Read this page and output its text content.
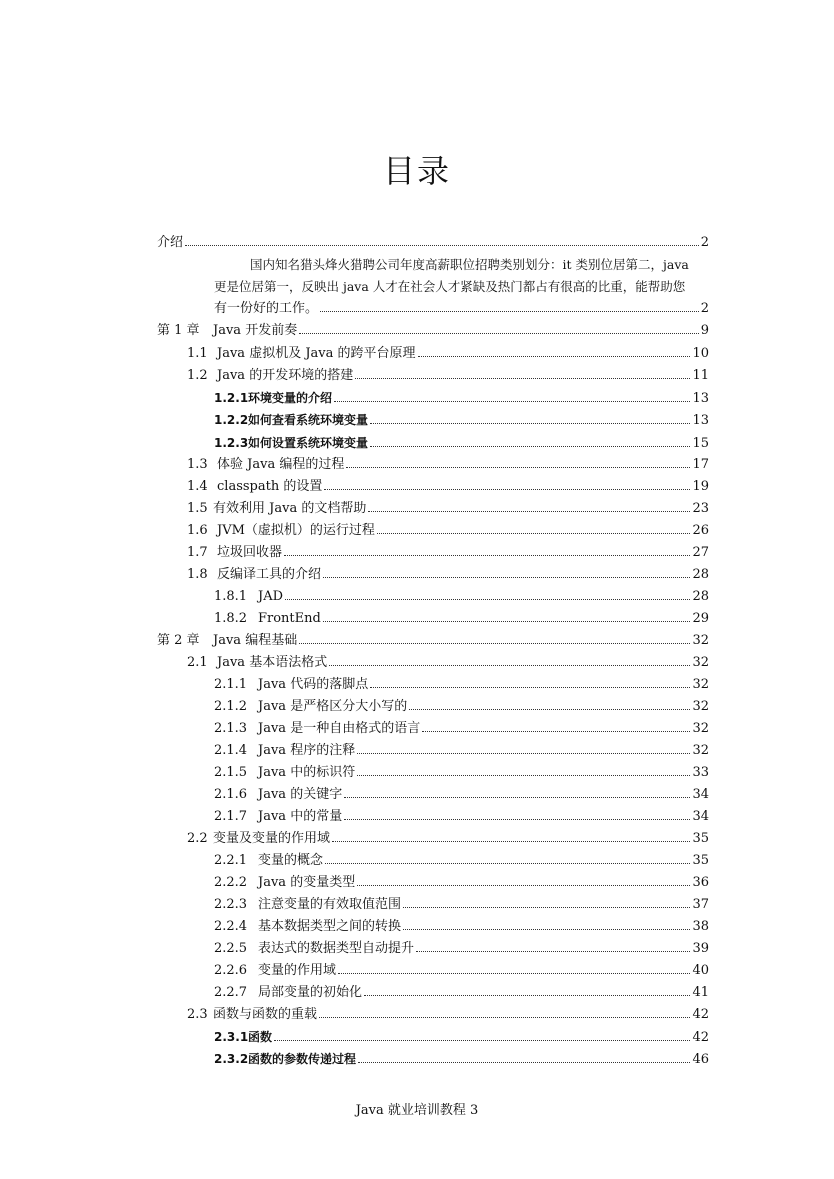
目录
介绍	2
国内知名猎头烽火猎聘公司年度高薪职位招聘类别划分：it 类别位居第二，java
更是位居第一，反映出 java 人才在社会人才紧缺及热门都占有很高的比重，能帮助您
有一份好的工作。	2
第 1 章	Java 开发前奏	9
1.1 Java 虚拟机及 Java 的跨平台原理	10
1.2 Java 的开发环境的搭建	11
1.2.1 环境变量的介绍	13
1.2.2 如何查看系统环境变量	13
1.2.3 如何设置系统环境变量	15
1.3 体验 Java 编程的过程	17
1.4 classpath 的设置	19
1.5 有效利用 Java 的文档帮助	23
1.6 JVM（虚拟机）的运行过程	26
1.7 垃圾回收器	27
1.8 反编译工具的介绍	28
1.8.1 JAD	28
1.8.2 FrontEnd	29
第 2 章	Java 编程基础	32
2.1 Java 基本语法格式	32
2.1.1 Java 代码的落脚点	32
2.1.2 Java 是严格区分大小写的	32
2.1.3 Java 是一种自由格式的语言	32
2.1.4 Java 程序的注释	32
2.1.5 Java 中的标识符	33
2.1.6 Java 的关键字	34
2.1.7 Java 中的常量	34
2.2 变量及变量的作用域	35
2.2.1 变量的概念	35
2.2.2 Java 的变量类型	36
2.2.3 注意变量的有效取值范围	37
2.2.4 基本数据类型之间的转换	38
2.2.5 表达式的数据类型自动提升	39
2.2.6 变量的作用域	40
2.2.7 局部变量的初始化	41
2.3 函数与函数的重载	42
2.3.1 函数	42
2.3.2 函数的参数传递过程	46
Java 就业培训教程 3
